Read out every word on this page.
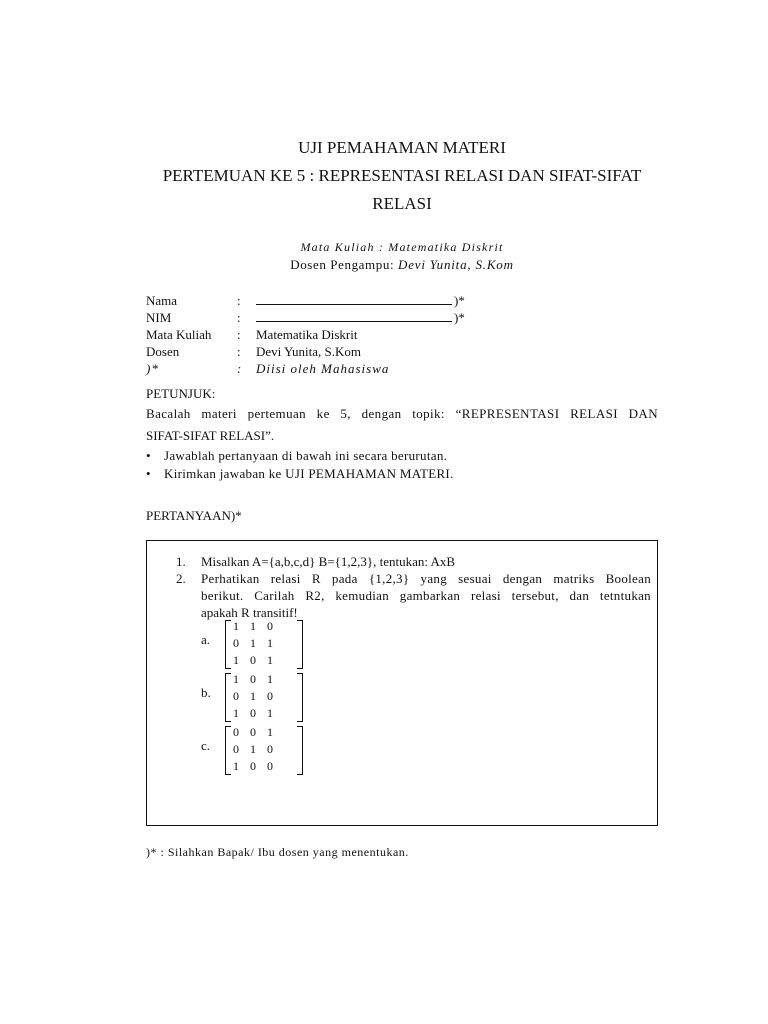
UJI PEMAHAMAN MATERI
PERTEMUAN KE 5 : REPRESENTASI RELASI DAN SIFAT-SIFAT
RELASI
Mata Kuliah : Matematika Diskrit
Dosen Pengampu: Devi Yunita, S.Kom
Nama	:	)*
NIM	:	)*
Mata Kuliah : Matematika Diskrit
Dosen	: Devi Yunita, S.Kom
)*	: Diisi oleh Mahasiswa
PETUNJUK:
Bacalah materi pertemuan ke 5, dengan topik: “REPRESENTASI RELASI DAN
SIFAT-SIFAT RELASI”.
• Jawablah pertanyaan di bawah ini secara berurutan.
• Kirimkan jawaban ke UJI PEMAHAMAN MATERI.
PERTANYAAN)*
1. Misalkan A={a,b,c,d} B={1,2,3}, tentukan: AxB
2. Perhatikan relasi R pada {1,2,3} yang sesuai dengan matriks Boolean
berikut. Carilah R2, kemudian gambarkan relasi tersebut, dan tetntukan
apakah R transitif!
a.
1 1 0
0 1 1
1 0 1
b.
1 0 1
0 1 0
1 0 1
c.
0 0 1
0 1 0
1 0 0
)* : Silahkan Bapak/ Ibu dosen yang menentukan.
